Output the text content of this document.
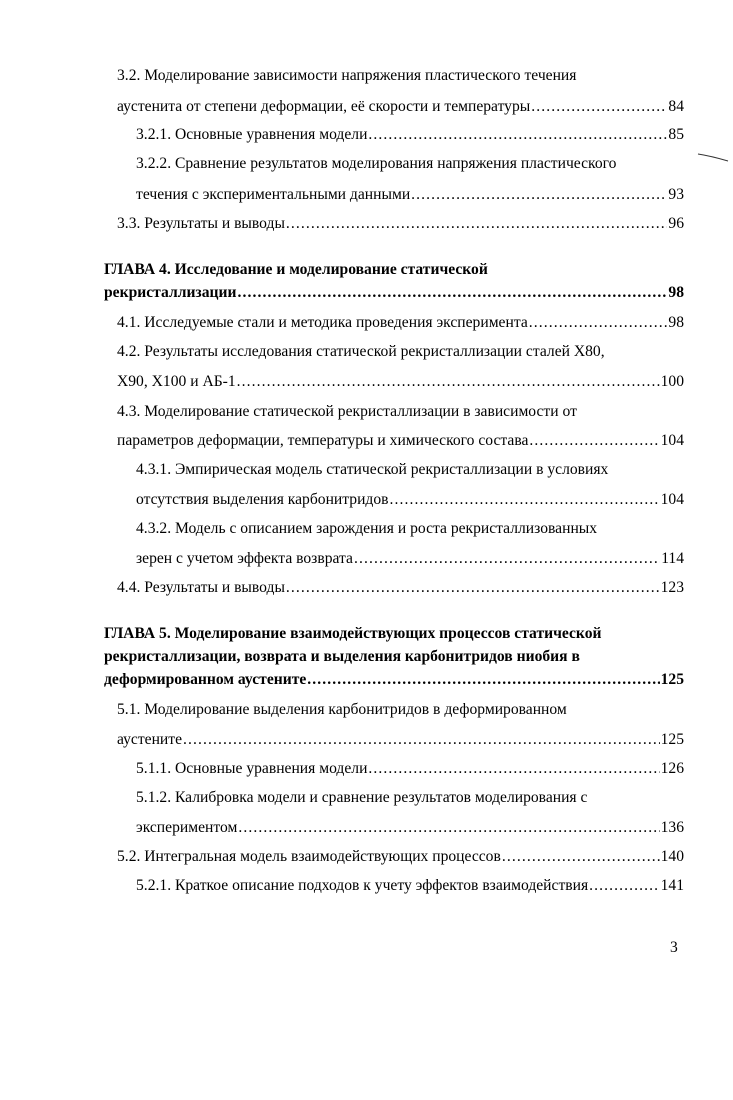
3.2. Моделирование зависимости напряжения пластического течения
аустенита от степени деформации, её скорости и температуры .....	84
3.2.1. Основные уравнения модели .....	85
3.2.2. Сравнение результатов моделирования напряжения пластического
течения с экспериментальными данными .....	93
3.3. Результаты и выводы .....	96
ГЛАВА 4. Исследование и моделирование статической
рекристаллизации .....	98
4.1. Исследуемые стали и методика проведения эксперимента .....	98
4.2. Результаты исследования статической рекристаллизации сталей Х80,
Х90, Х100 и АБ-1 .....	100
4.3. Моделирование статической рекристаллизации в зависимости от
параметров деформации, температуры и химического состава .....	104
4.3.1. Эмпирическая модель статической рекристаллизации в условиях
отсутствия выделения карбонитридов .....	104
4.3.2. Модель с описанием зарождения и роста рекристаллизованных
зерен с учетом эффекта возврата .....	114
4.4. Результаты и выводы .....	123
ГЛАВА 5. Моделирование взаимодействующих процессов статической
рекристаллизации, возврата и выделения карбонитридов ниобия в
деформированном аустените .....	125
5.1. Моделирование выделения карбонитридов в деформированном
аустените .....	125
5.1.1. Основные уравнения модели .....	126
5.1.2. Калибровка модели и сравнение результатов моделирования с
экспериментом .....	136
5.2. Интегральная модель взаимодействующих процессов .....	140
5.2.1. Краткое описание подходов к учету эффектов взаимодействия .....	141
3
